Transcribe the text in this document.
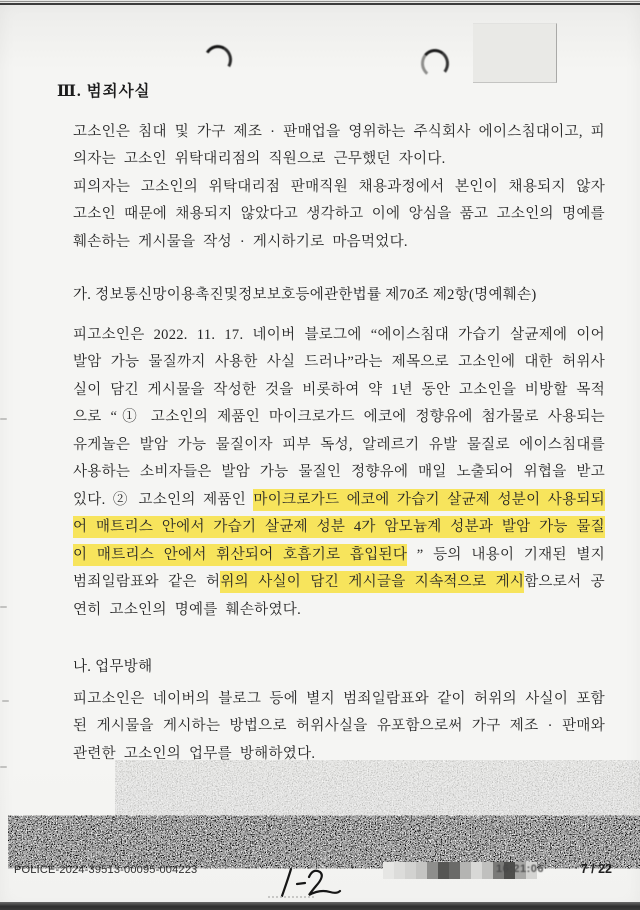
Ⅲ. 범죄사실
고소인은 침대 및 가구 제조 · 판매업을 영위하는 주식회사 에이스침대이고, 피
의자는 고소인 위탁대리점의 직원으로 근무했던 자이다.
피의자는 고소인의 위탁대리점 판매직원 채용과정에서 본인이 채용되지 않자
고소인 때문에 채용되지 않았다고 생각하고 이에 앙심을 품고 고소인의 명예를
훼손하는 게시물을 작성 · 게시하기로 마음먹었다.
가. 정보통신망이용촉진및정보보호등에관한법률 제70조 제2항(명예훼손)
피고소인은 2022. 11. 17. 네이버 블로그에 “에이스침대 가습기 살균제에 이어
발암 가능 물질까지 사용한 사실 드러나”라는 제목으로 고소인에 대한 허위사
실이 담긴 게시물을 작성한 것을 비롯하여 약 1년 동안 고소인을 비방할 목적
으로 “① 고소인의 제품인 마이크로가드 에코에 정향유에 첨가물로 사용되는
유게놀은 발암 가능 물질이자 피부 독성, 알레르기 유발 물질로 에이스침대를
사용하는 소비자들은 발암 가능 물질인 정향유에 매일 노출되어 위협을 받고
있다. ② 고소인의 제품인 마이크로가드 에코에 가습기 살균제 성분이 사용되되
어 매트리스 안에서 가습기 살균제 성분 4가 암모늄계 성분과 발암 가능 물질
이 매트리스 안에서 휘산되어 호흡기로 흡입된다 ” 등의 내용이 기재된 별지
범죄일람표와 같은 허위의 사실이 담긴 게시글을 지속적으로 게시함으로서 공
연히 고소인의 명예를 훼손하였다.
나. 업무방해
피고소인은 네이버의 블로그 등에 별지 범죄일람표와 같이 허위의 사실이 포함
된 게시물을 게시하는 방법으로 허위사실을 유포함으로써 가구 제조 · 판매와
관련한 고소인의 업무를 방해하였다.
POLICE-2024-39513-00095-004223	16:21:06	7 / 22
